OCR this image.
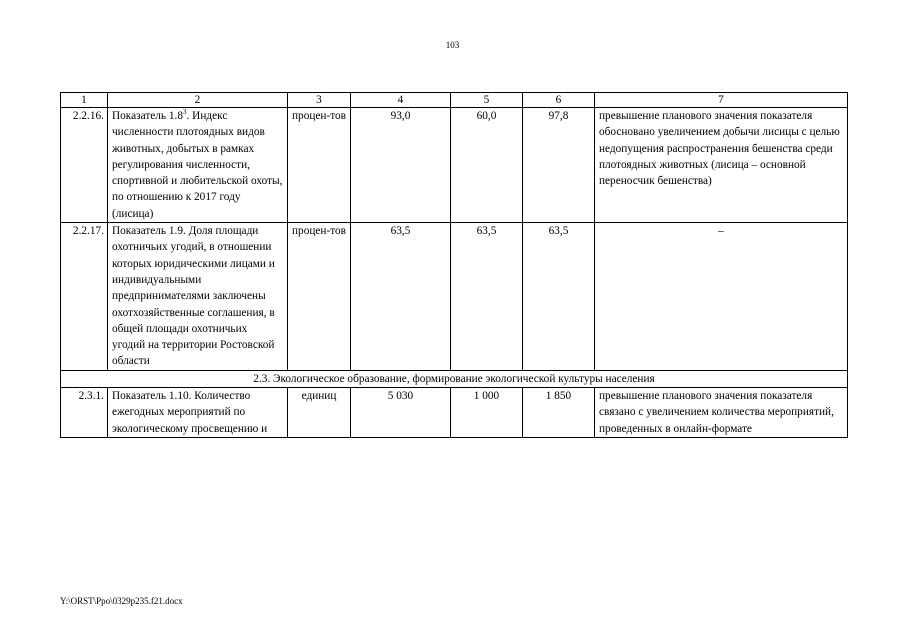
103
1	2	3	4	5	6	7
2.2.16.	Показатель $1.8^3$. Индекс численности плотоядных видов животных, добытых в рамках регулирования численности, спортивной и любительской охоты, по отношению к 2017 году (лисица)	процен-тов	93,0	60,0	97,8	превышение планового значения показателя обосновано увеличением добычи лисицы с целью недопущения распространения бешенства среди плотоядных животных (лисица – основной переносчик бешенства)
2.2.17.	Показатель 1.9. Доля площади охотничьих угодий, в отношении которых юридическими лицами и индивидуальными предпринимателями заключены охотхозяйственные соглашения, в общей площади охотничьих угодий на территории Ростовской области	процен-тов	63,5	63,5	63,5	–
2.3. Экологическое образование, формирование экологической культуры населения						
2.3.1.	Показатель 1.10. Количество ежегодных мероприятий по экологическому просвещению и	единиц	5 030	1 000	1 850	превышение планового значения показателя связано с увеличением количества мероприятий, проведенных в онлайн-формате
Y:\ORST\Ppo\0329p235.f21.docx
